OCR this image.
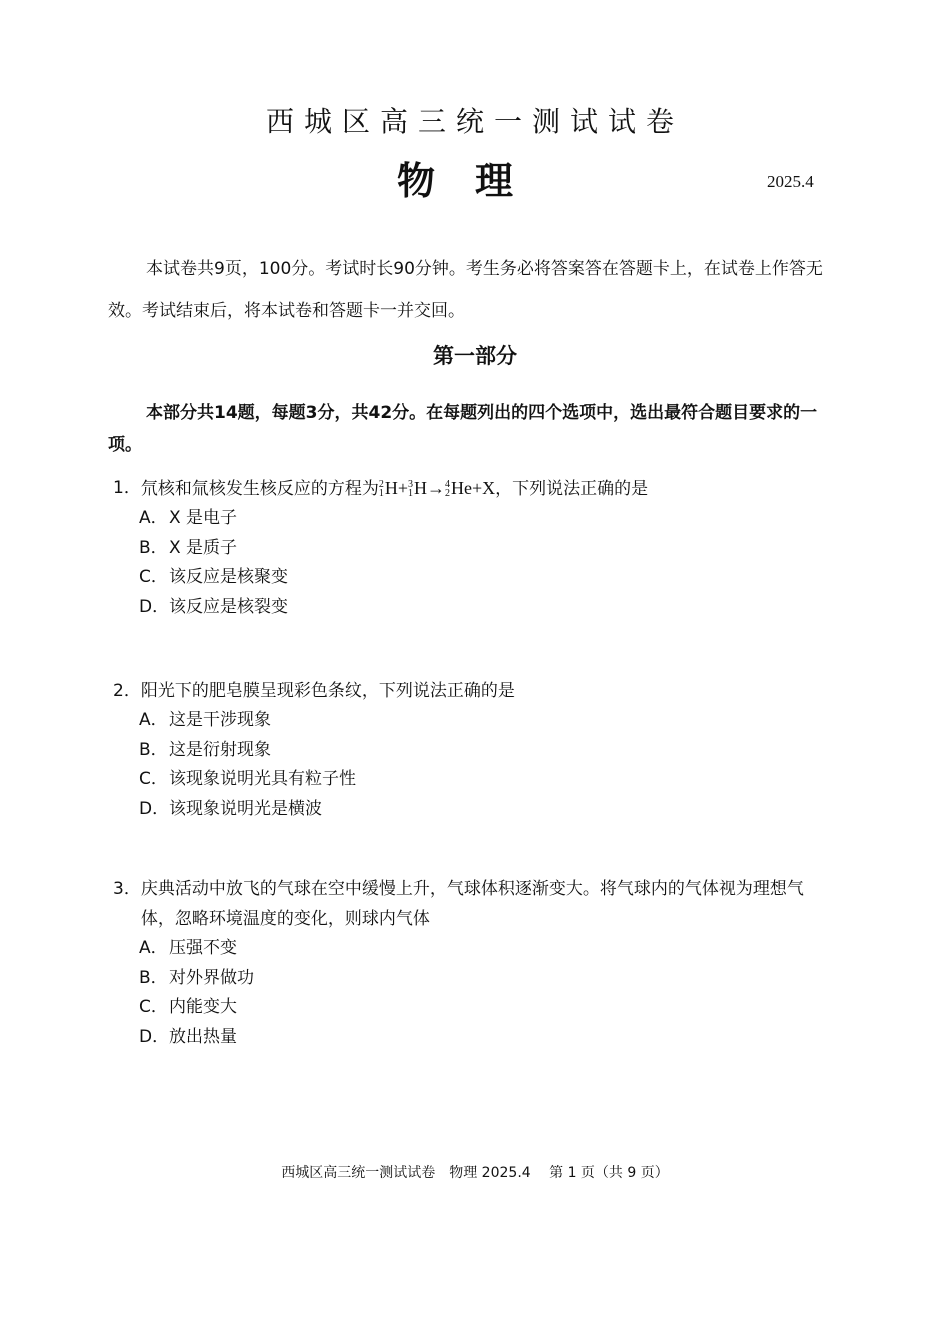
西城区高三统一测试试卷
物理	2025.4
本试卷共9页，100分。考试时长90分钟。考生务必将答案答在答题卡上，在试卷上作答无效。考试结束后，将本试卷和答题卡一并交回。
第一部分
本部分共14题，每题3分，共42分。在每题列出的四个选项中，选出最符合题目要求的一项。
1． 氘核和氚核发生核反应的方程为 2
1 H+ 3
1 H→ 4
2 He+X，下列说法正确的是
A．X 是电子
B．X 是质子
C．该反应是核聚变
D．该反应是核裂变
2． 阳光下的肥皂膜呈现彩色条纹，下列说法正确的是
A．这是干涉现象
B．这是衍射现象
C．该现象说明光具有粒子性
D．该现象说明光是横波
3． 庆典活动中放飞的气球在空中缓慢上升，气球体积逐渐变大。将气球内的气体视为理想气体，忽略环境温度的变化，则球内气体
A．压强不变
B．对外界做功
C．内能变大
D．放出热量
西城区高三统一测试试卷　物理 2025.4　 第 1 页（共 9 页）
